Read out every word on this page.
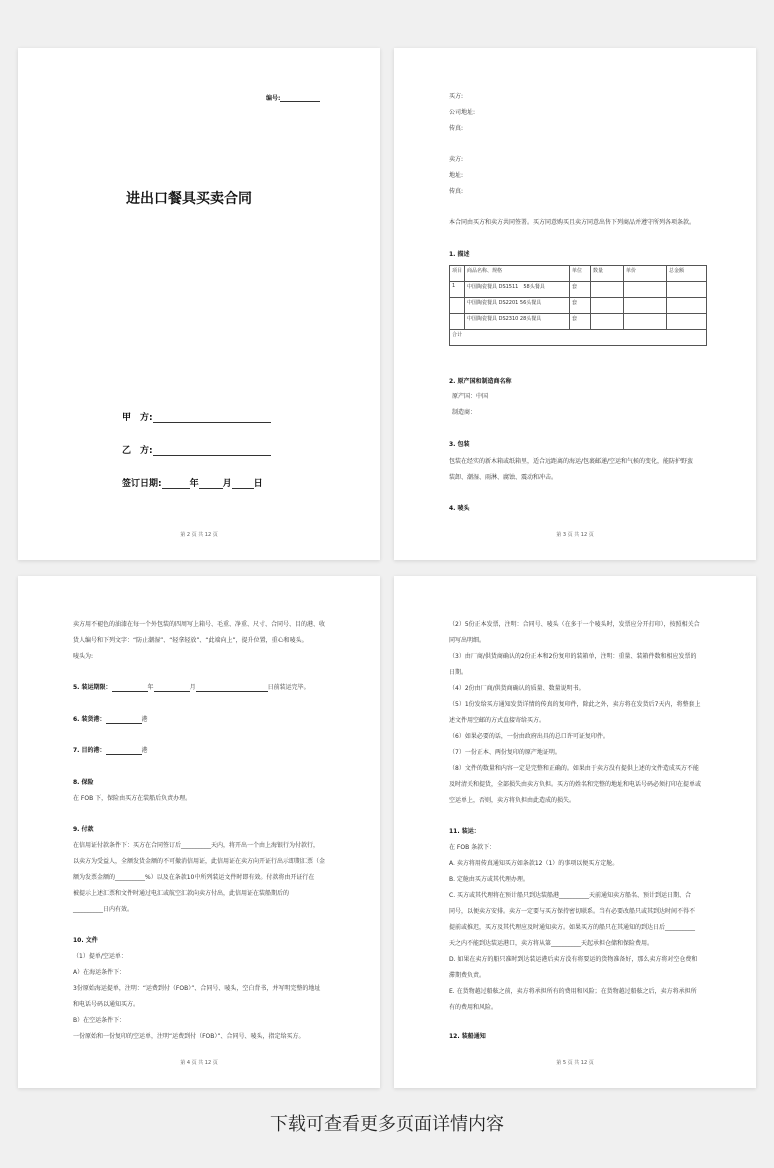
编号:
进出口餐具买卖合同
甲　方:
乙　方:
签订日期:	年	月 日
第 2 页 共 12 页
买方:
公司地址:
传真:
卖方:
地址:
传真:
本合同由买方和卖方共同签署。买方同意购买且卖方同意出售下列商品并遵守所列各项条款。
1. 描述
项目	商品名称、规格	单位	数量	单价	总金额
1	中国陶瓷餐具 DS1511　58头餐具	套			
	中国陶瓷餐具 DS2201 56头餐具	套			
	中国陶瓷餐具 DS2310 28头餐具	套			
合计					
2. 原产国和制造商名称
原产国：中国
制造商：
3. 包装
包装在经实的新木箱或纸箱里，适合远距离的海运/包裹邮递/空运和气候的变化，能防护野蛮
装卸、潮湿、雨淋、腐蚀、震动和冲击。
4. 唛头
第 3 页 共 12 页
卖方用不褪色的油漆在每一个外包装的四周写上箱号、毛重、净重、尺寸、合同号、目的港、收
货人编号和下列文字：“防止潮湿”、“轻拿轻放”、“此端向上”，提升位置，重心和唛头。
唛头为:
5. 装运期限：	年	月	日前装运完毕。
6. 装货港：	港
7. 目的港：	港
8. 保险
在 FOB 下，保险由买方在装船后负责办理。
9. 付款
在信用证付款条件下：买方在合同签订后__________天内，将开出一个由上海银行为付款行，
以卖方为受益人，全额发货金额的不可撤消信用证，此信用证在卖方向开证行出示即期汇票（金
额为发票金额的__________%）以及在条款10中所列装运文件时即有效。付款将由开证行在
被提示上述汇票和文件时通过电汇或航空汇款向卖方付出，此信用证在装船期后的
__________日内有效。
10. 文件
（1）提单/空运单：
A）在海运条件下：
3份原始海运提单，注明：“运费到付（FOB）”、合同号、唛头，空白背书，并写明完整的地址
和电话号码以通知买方。
B）在空运条件下：
一份原始和一份复印的空运单，注明“运费到付（FOB）”、合同号、唛头，指定给买方。
第 4 页 共 12 页
（2）5份正本发票，注明：合同号、唛头（在多于一个唛头时，发票应分开打印），按照相关合
同写出明细。
（3）由厂商/供货商确认的2份正本和2份复印的装箱单，注明：重量、装箱件数和相应发票的
日期。
（4）2份由厂商/供货商确认的质量、数量说明书。
（5）1份发给买方通知发货详情的传真的复印件，除此之外，卖方将在发货后7天内，将整套上
述文件用空邮的方式直接寄给买方。
（6）如果必要的话，一份由政府出具的总口许可证复印件。
（7）一份正本、两份复印的原产地证明。
（8）文件的数量和内容一定是完整和正确的。如果由于卖方没有提供上述的文件造成买方不能
及时清关和提货，全部损失由卖方负担。买方的姓名和完整的地址和电话号码必须打印在提单或
空运单上，否则，卖方将负担由此造成的损失。
11. 装运：
在 FOB 条款下：
A. 卖方将用传真通知买方如条款12（1）的事项以便买方定舱。
B. 定舱由买方或其代理办理。
C. 买方或其代理将在预计船只到达装船港__________天前通知卖方船名、预计到运日期、合
同号，以便卖方安排。卖方一定要与买方保持密切联系。当有必要改船只或其到达时间不得不
提前或推迟，买方及其代理应及时通知卖方。如果买方的船只在其通知的到达日后__________
天之内不能到达装运港口，卖方将从第__________天起承担仓储和保险费用。
D. 如果在卖方的船只准时到达装运港后卖方没有将要运的货物准备好，那么卖方将对空仓费和
滞期费负责。
E. 在货物越过船舷之前，卖方将承担所有的费用和风险；在货物越过船舷之后，卖方将承担所
有的费用和风险。
12. 装船通知
第 5 页 共 12 页
下载可查看更多页面详情内容
